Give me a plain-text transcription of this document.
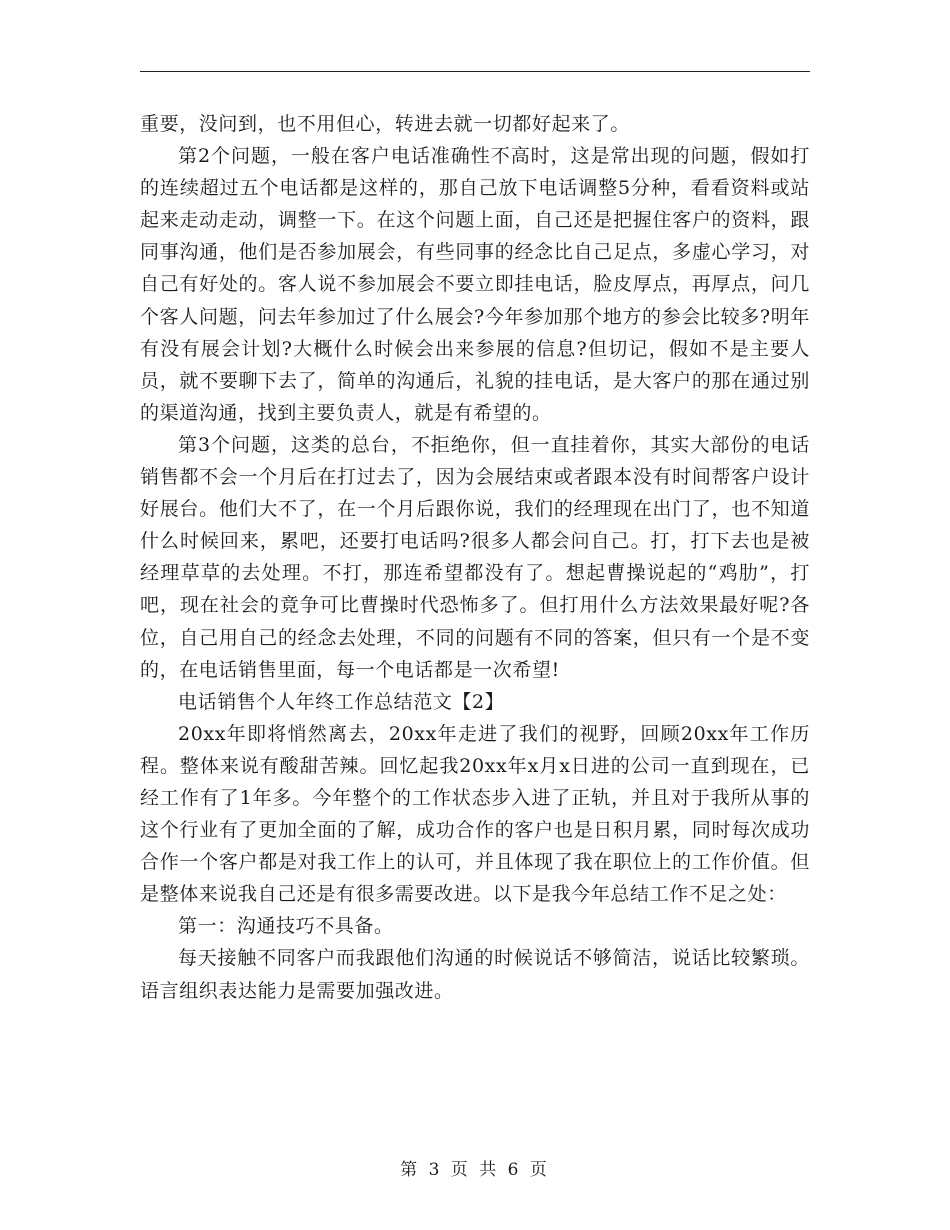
重要，没问到，也不用但心，转进去就一切都好起来了。

第2个问题，一般在客户电话准确性不高时，这是常出现的问题，假如打的连续超过五个电话都是这样的，那自己放下电话调整5分种，看看资料或站起来走动走动，调整一下。在这个问题上面，自己还是把握住客户的资料，跟同事沟通，他们是否参加展会，有些同事的经念比自己足点，多虚心学习，对自己有好处的。客人说不参加展会不要立即挂电话，脸皮厚点，再厚点，问几个客人问题，问去年参加过了什么展会?今年参加那个地方的参会比较多?明年有没有展会计划?大概什么时候会出来参展的信息?但切记，假如不是主要人员，就不要聊下去了，简单的沟通后，礼貌的挂电话，是大客户的那在通过别的渠道沟通，找到主要负责人，就是有希望的。

第3个问题，这类的总台，不拒绝你，但一直挂着你，其实大部份的电话销售都不会一个月后在打过去了，因为会展结束或者跟本没有时间帮客户设计好展台。他们大不了，在一个月后跟你说，我们的经理现在出门了，也不知道什么时候回来，累吧，还要打电话吗?很多人都会问自己。打，打下去也是被经理草草的去处理。不打，那连希望都没有了。想起曹操说起的“鸡肋”，打吧，现在社会的竟争可比曹操时代恐怖多了。但打用什么方法效果最好呢?各位，自己用自己的经念去处理，不同的问题有不同的答案，但只有一个是不变的，在电话销售里面，每一个电话都是一次希望!

电话销售个人年终工作总结范文【2】

20xx年即将悄然离去，20xx年走进了我们的视野，回顾20xx年工作历程。整体来说有酸甜苦辣。回忆起我20xx年x月x日进的公司一直到现在，已经工作有了1年多。今年整个的工作状态步入进了正轨，并且对于我所从事的这个行业有了更加全面的了解，成功合作的客户也是日积月累，同时每次成功合作一个客户都是对我工作上的认可，并且体现了我在职位上的工作价值。但是整体来说我自己还是有很多需要改进。以下是我今年总结工作不足之处：

第一：沟通技巧不具备。

每天接触不同客户而我跟他们沟通的时候说话不够简洁，说话比较繁琐。语言组织表达能力是需要加强改进。

第 3 页 共 6 页
